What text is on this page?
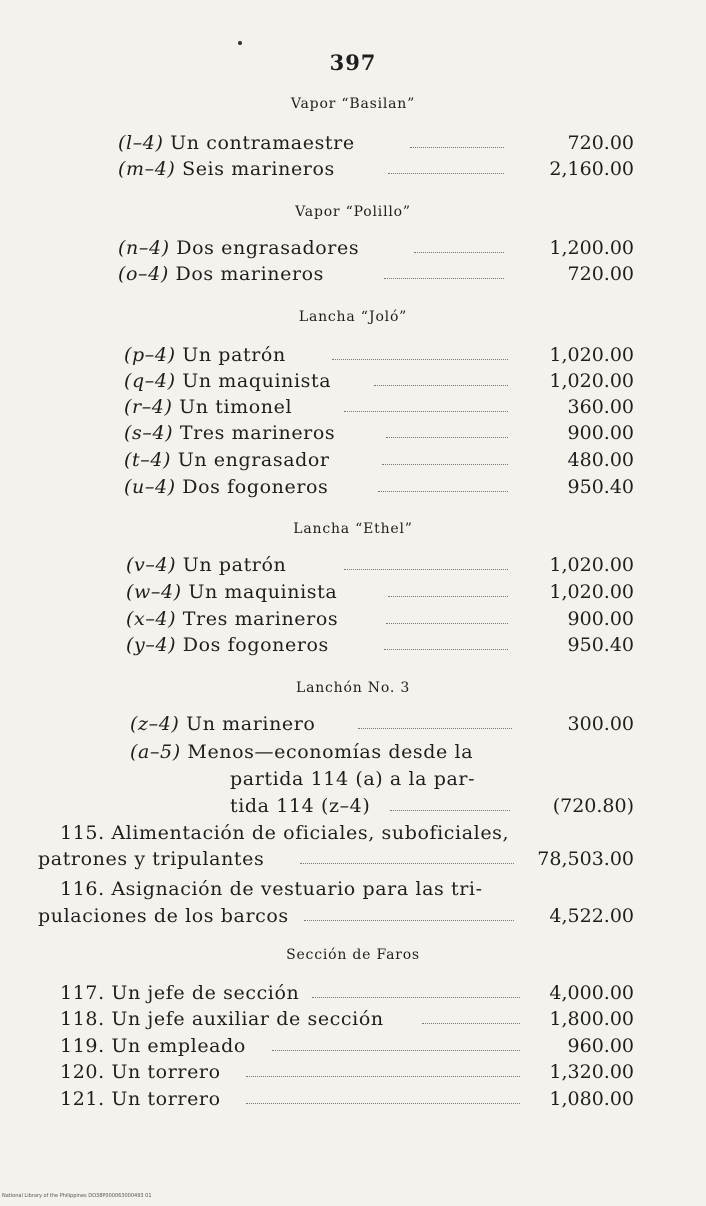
397
Vapor “Basilan”
(l–4) Un contramaestre	720.00
(m–4) Seis marineros	2,160.00
Vapor “Polillo”
(n–4) Dos engrasadores	1,200.00
(o–4) Dos marineros	720.00
Lancha “Joló”
(p–4) Un patrón	1,020.00
(q–4) Un maquinista	1,020.00
(r–4) Un timonel	360.00
(s–4) Tres marineros	900.00
(t–4) Un engrasador	480.00
(u–4) Dos fogoneros	950.40
Lancha “Ethel”
(v–4) Un patrón	1,020.00
(w–4) Un maquinista	1,020.00
(x–4) Tres marineros	900.00
(y–4) Dos fogoneros	950.40
Lanchón No. 3
(z–4) Un marinero	300.00
(a–5) Menos—economías desde la
partida 114 (a) a la par-
tida 114 (z–4)	(720.80)
115. Alimentación de oficiales, suboficiales,
patrones y tripulantes	78,503.00
116. Asignación de vestuario para las tri-
pulaciones de los barcos	4,522.00
Sección de Faros
117. Un jefe de sección	4,000.00
118. Un jefe auxiliar de sección	1,800.00
119. Un empleado	960.00
120. Un torrero	1,320.00
121. Un torrero	1,080.00
National Library of the Philippines DO38P000063000493 01
